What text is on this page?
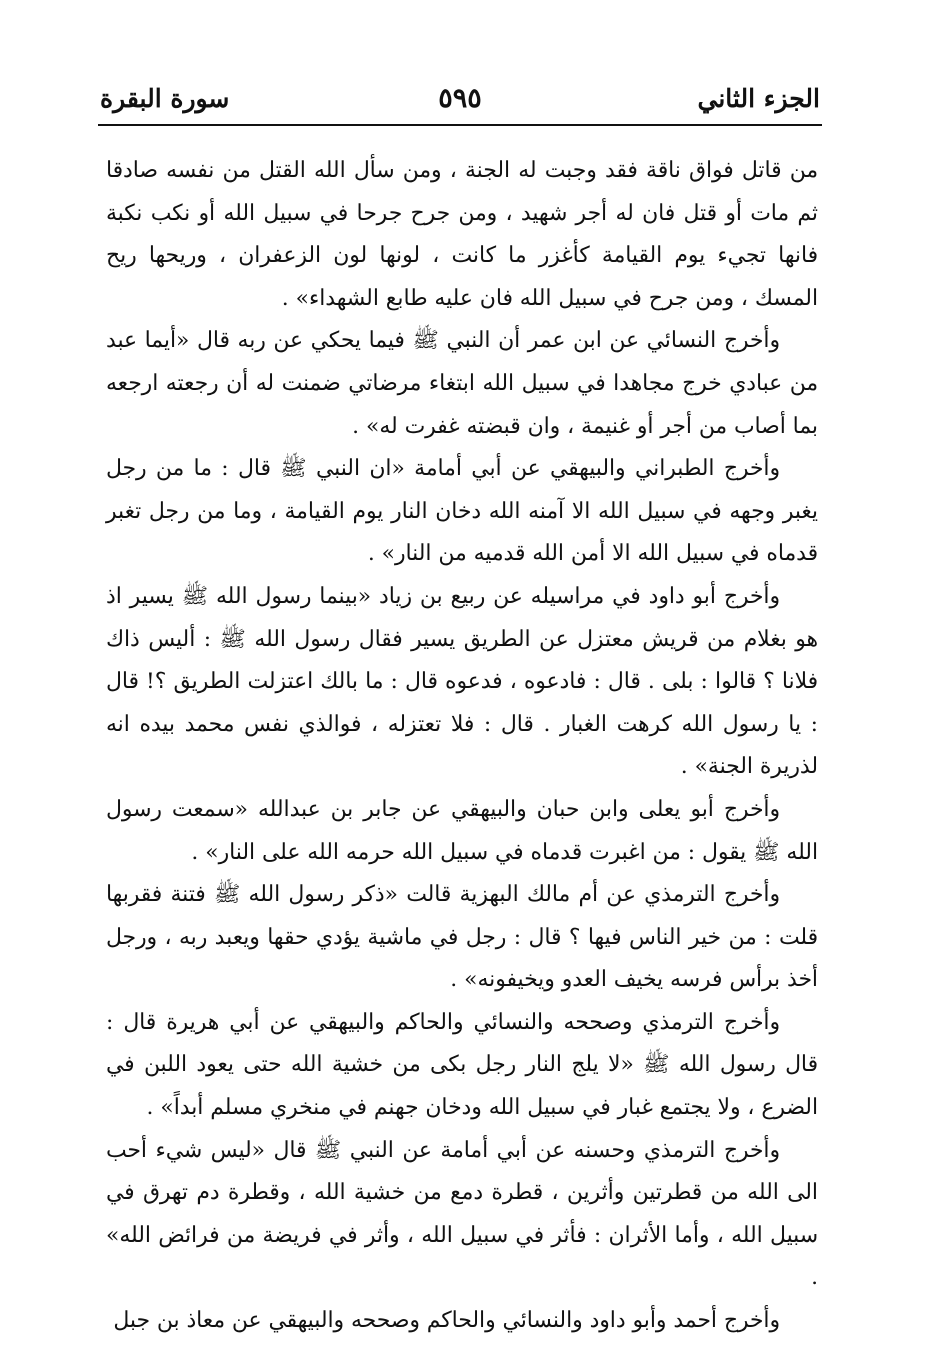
الجزء الثاني
٥٩٥
سورة البقرة

من قاتل فواق ناقة فقد وجبت له الجنة ، ومن سأل الله القتل من نفسه صادقا ثم مات أو قتل فان له أجر شهيد ، ومن جرح جرحا في سبيل الله أو نكب نكبة فانها تجيء يوم القيامة كأغزر ما كانت ، لونها لون الزعفران ، وريحها ريح المسك ، ومن جرح في سبيل الله فان عليه طابع الشهداء» .

وأخرج النسائي عن ابن عمر أن النبي ﷺ فيما يحكي عن ربه قال «أيما عبد من عبادي خرج مجاهدا في سبيل الله ابتغاء مرضاتي ضمنت له أن رجعته ارجعه بما أصاب من أجر أو غنيمة ، وان قبضته غفرت له» .

وأخرج الطبراني والبيهقي عن أبي أمامة «ان النبي ﷺ قال : ما من رجل يغبر وجهه في سبيل الله الا آمنه الله دخان النار يوم القيامة ، وما من رجل تغبر قدماه في سبيل الله الا أمن الله قدميه من النار» .

وأخرج أبو داود في مراسيله عن ربيع بن زياد «بينما رسول الله ﷺ يسير اذ هو بغلام من قريش معتزل عن الطريق يسير فقال رسول الله ﷺ : أليس ذاك فلانا ؟ قالوا : بلى . قال : فادعوه ، فدعوه قال : ما بالك اعتزلت الطريق ؟! قال : يا رسول الله كرهت الغبار . قال : فلا تعتزله ، فوالذي نفس محمد بيده انه لذريرة الجنة» .

وأخرج أبو يعلى وابن حبان والبيهقي عن جابر بن عبدالله «سمعت رسول الله ﷺ يقول : من اغبرت قدماه في سبيل الله حرمه الله على النار» .

وأخرج الترمذي عن أم مالك البهزية قالت «ذكر رسول الله ﷺ فتنة فقربها قلت : من خير الناس فيها ؟ قال : رجل في ماشية يؤدي حقها ويعبد ربه ، ورجل أخذ برأس فرسه يخيف العدو ويخيفونه» .

وأخرج الترمذي وصححه والنسائي والحاكم والبيهقي عن أبي هريرة قال : قال رسول الله ﷺ «لا يلج النار رجل بكى من خشية الله حتى يعود اللبن في الضرع ، ولا يجتمع غبار في سبيل الله ودخان جهنم في منخري مسلم أبداً» .

وأخرج الترمذي وحسنه عن أبي أمامة عن النبي ﷺ قال «ليس شيء أحب الى الله من قطرتين وأثرين ، قطرة دمع من خشية الله ، وقطرة دم تهرق في سبيل الله ، وأما الأثران : فأثر في سبيل الله ، وأثر في فريضة من فرائض الله» .

وأخرج أحمد وأبو داود والنسائي والحاكم وصححه والبيهقي عن معاذ بن جبل
